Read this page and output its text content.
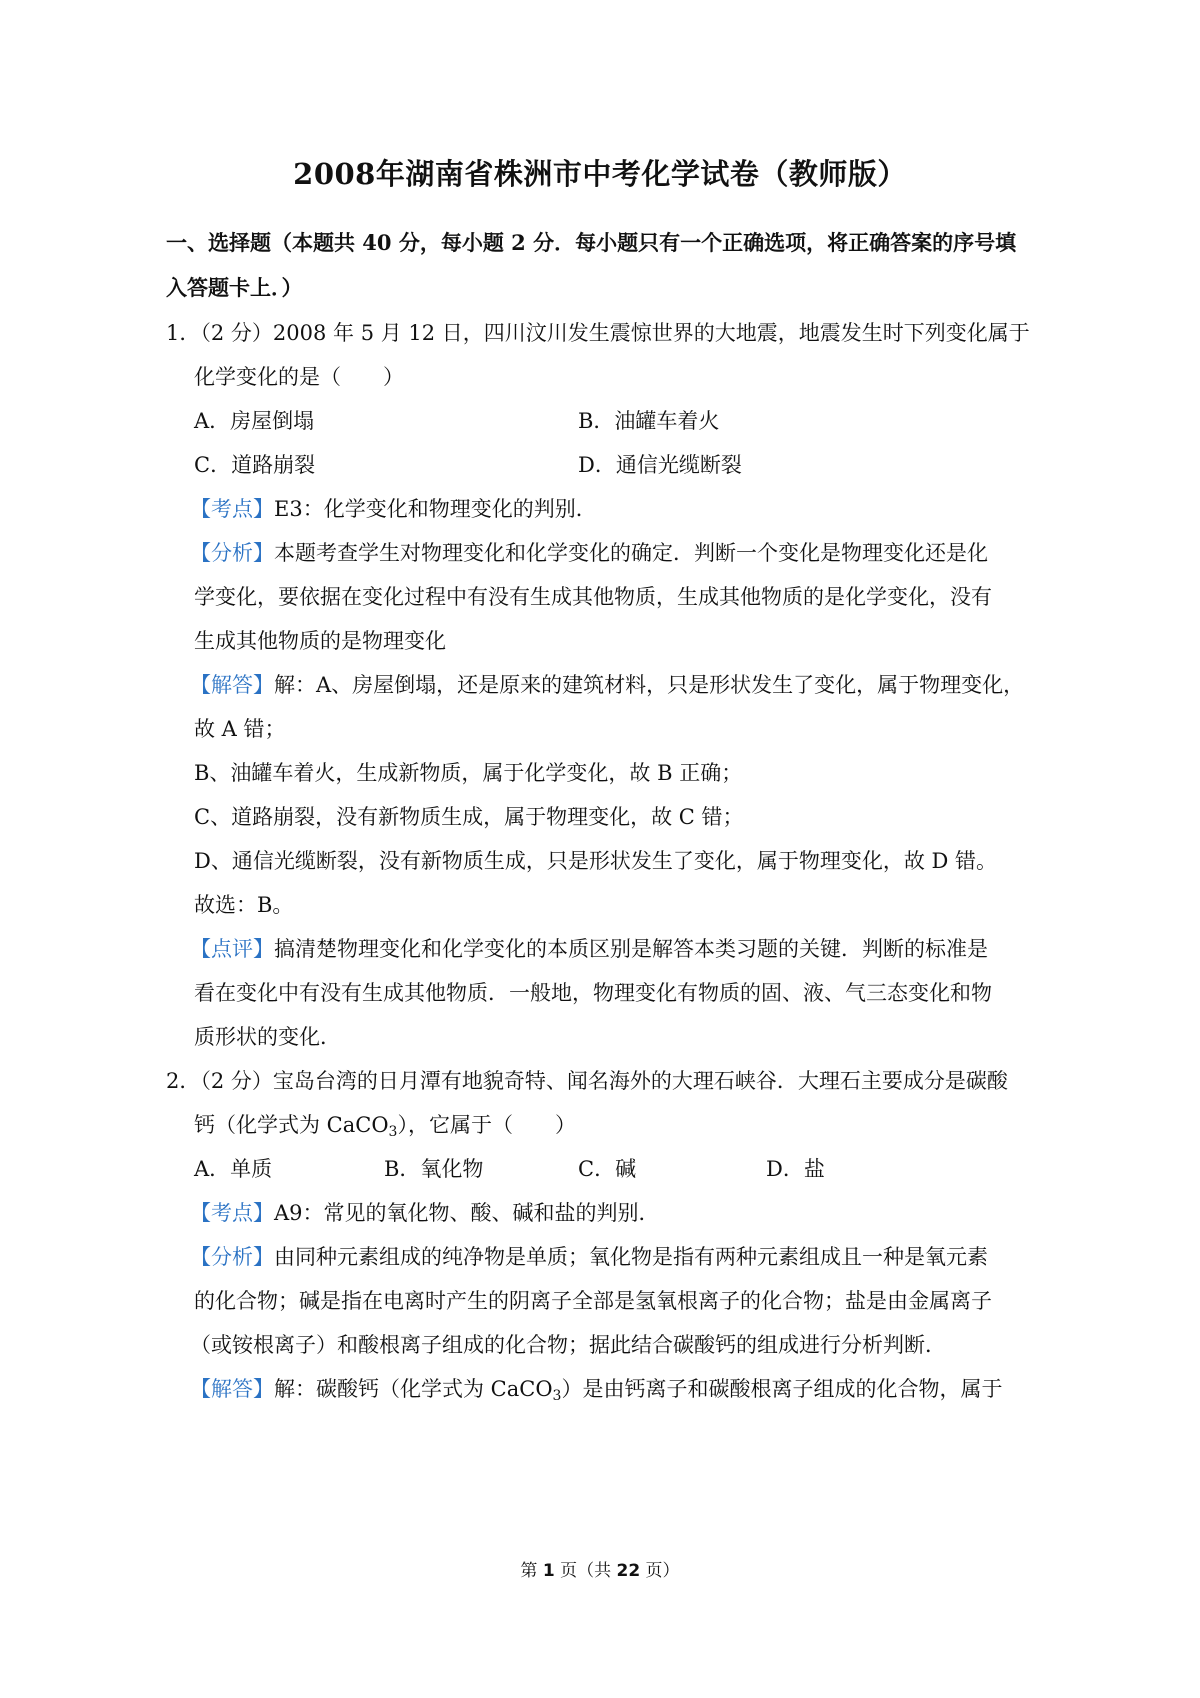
2008年湖南省株洲市中考化学试卷（教师版）
一、选择题（本题共 40 分，每小题 2 分．每小题只有一个正确选项，将正确答案的序号填
入答题卡上．）
1．（2 分）2008 年 5 月 12 日，四川汶川发生震惊世界的大地震，地震发生时下列变化属于
化学变化的是（　　）
A．房屋倒塌	B．油罐车着火
C．道路崩裂	D．通信光缆断裂
【考点】E3：化学变化和物理变化的判别．
【分析】本题考查学生对物理变化和化学变化的确定．判断一个变化是物理变化还是化
学变化，要依据在变化过程中有没有生成其他物质，生成其他物质的是化学变化，没有
生成其他物质的是物理变化
【解答】解：A、房屋倒塌，还是原来的建筑材料，只是形状发生了变化，属于物理变化，
故 A 错；
B、油罐车着火，生成新物质，属于化学变化，故 B 正确；
C、道路崩裂，没有新物质生成，属于物理变化，故 C 错；
D、通信光缆断裂，没有新物质生成，只是形状发生了变化，属于物理变化，故 D 错。
故选：B。
【点评】搞清楚物理变化和化学变化的本质区别是解答本类习题的关键．判断的标准是
看在变化中有没有生成其他物质．一般地，物理变化有物质的固、液、气三态变化和物
质形状的变化．
2．（2 分）宝岛台湾的日月潭有地貌奇特、闻名海外的大理石峡谷．大理石主要成分是碳酸
钙（化学式为 CaCO$_3$），它属于（　　）
A．单质	B．氧化物	C．碱	D．盐
【考点】A9：常见的氧化物、酸、碱和盐的判别．
【分析】由同种元素组成的纯净物是单质；氧化物是指有两种元素组成且一种是氧元素
的化合物；碱是指在电离时产生的阴离子全部是氢氧根离子的化合物；盐是由金属离子
（或铵根离子）和酸根离子组成的化合物；据此结合碳酸钙的组成进行分析判断．
【解答】解：碳酸钙（化学式为 CaCO$_3$）是由钙离子和碳酸根离子组成的化合物，属于
第 1 页（共 22 页）
